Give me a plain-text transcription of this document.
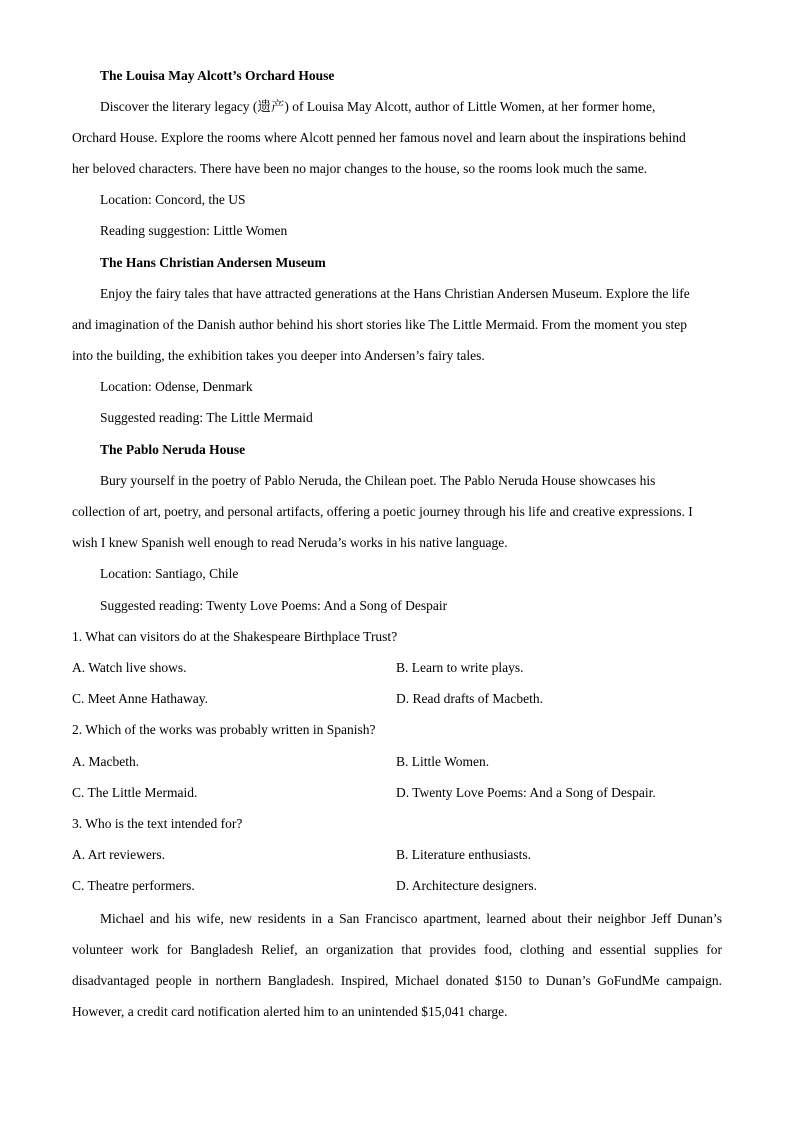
The Louisa May Alcott’s Orchard House
Discover the literary legacy (遗产) of Louisa May Alcott, author of Little Women, at her former home,
Orchard House. Explore the rooms where Alcott penned her famous novel and learn about the inspirations behind
her beloved characters. There have been no major changes to the house, so the rooms look much the same.
Location: Concord, the US
Reading suggestion: Little Women
The Hans Christian Andersen Museum
Enjoy the fairy tales that have attracted generations at the Hans Christian Andersen Museum. Explore the life
and imagination of the Danish author behind his short stories like The Little Mermaid. From the moment you step
into the building, the exhibition takes you deeper into Andersen’s fairy tales.
Location: Odense, Denmark
Suggested reading: The Little Mermaid
The Pablo Neruda House
Bury yourself in the poetry of Pablo Neruda, the Chilean poet. The Pablo Neruda House showcases his
collection of art, poetry, and personal artifacts, offering a poetic journey through his life and creative expressions. I
wish I knew Spanish well enough to read Neruda’s works in his native language.
Location: Santiago, Chile
Suggested reading: Twenty Love Poems: And a Song of Despair
1. What can visitors do at the Shakespeare Birthplace Trust?
A. Watch live shows.	B. Learn to write plays.
C. Meet Anne Hathaway.	D. Read drafts of Macbeth.
2. Which of the works was probably written in Spanish?
A. Macbeth.	B. Little Women.
C. The Little Mermaid.	D. Twenty Love Poems: And a Song of Despair.
3. Who is the text intended for?
A. Art reviewers.	B. Literature enthusiasts.
C. Theatre performers.	D. Architecture designers.
Michael and his wife, new residents in a San Francisco apartment, learned about their neighbor Jeff Dunan’s volunteer work for Bangladesh Relief, an organization that provides food, clothing and essential supplies for disadvantaged people in northern Bangladesh. Inspired, Michael donated $150 to Dunan’s GoFundMe campaign. However, a credit card notification alerted him to an unintended $15,041 charge.
